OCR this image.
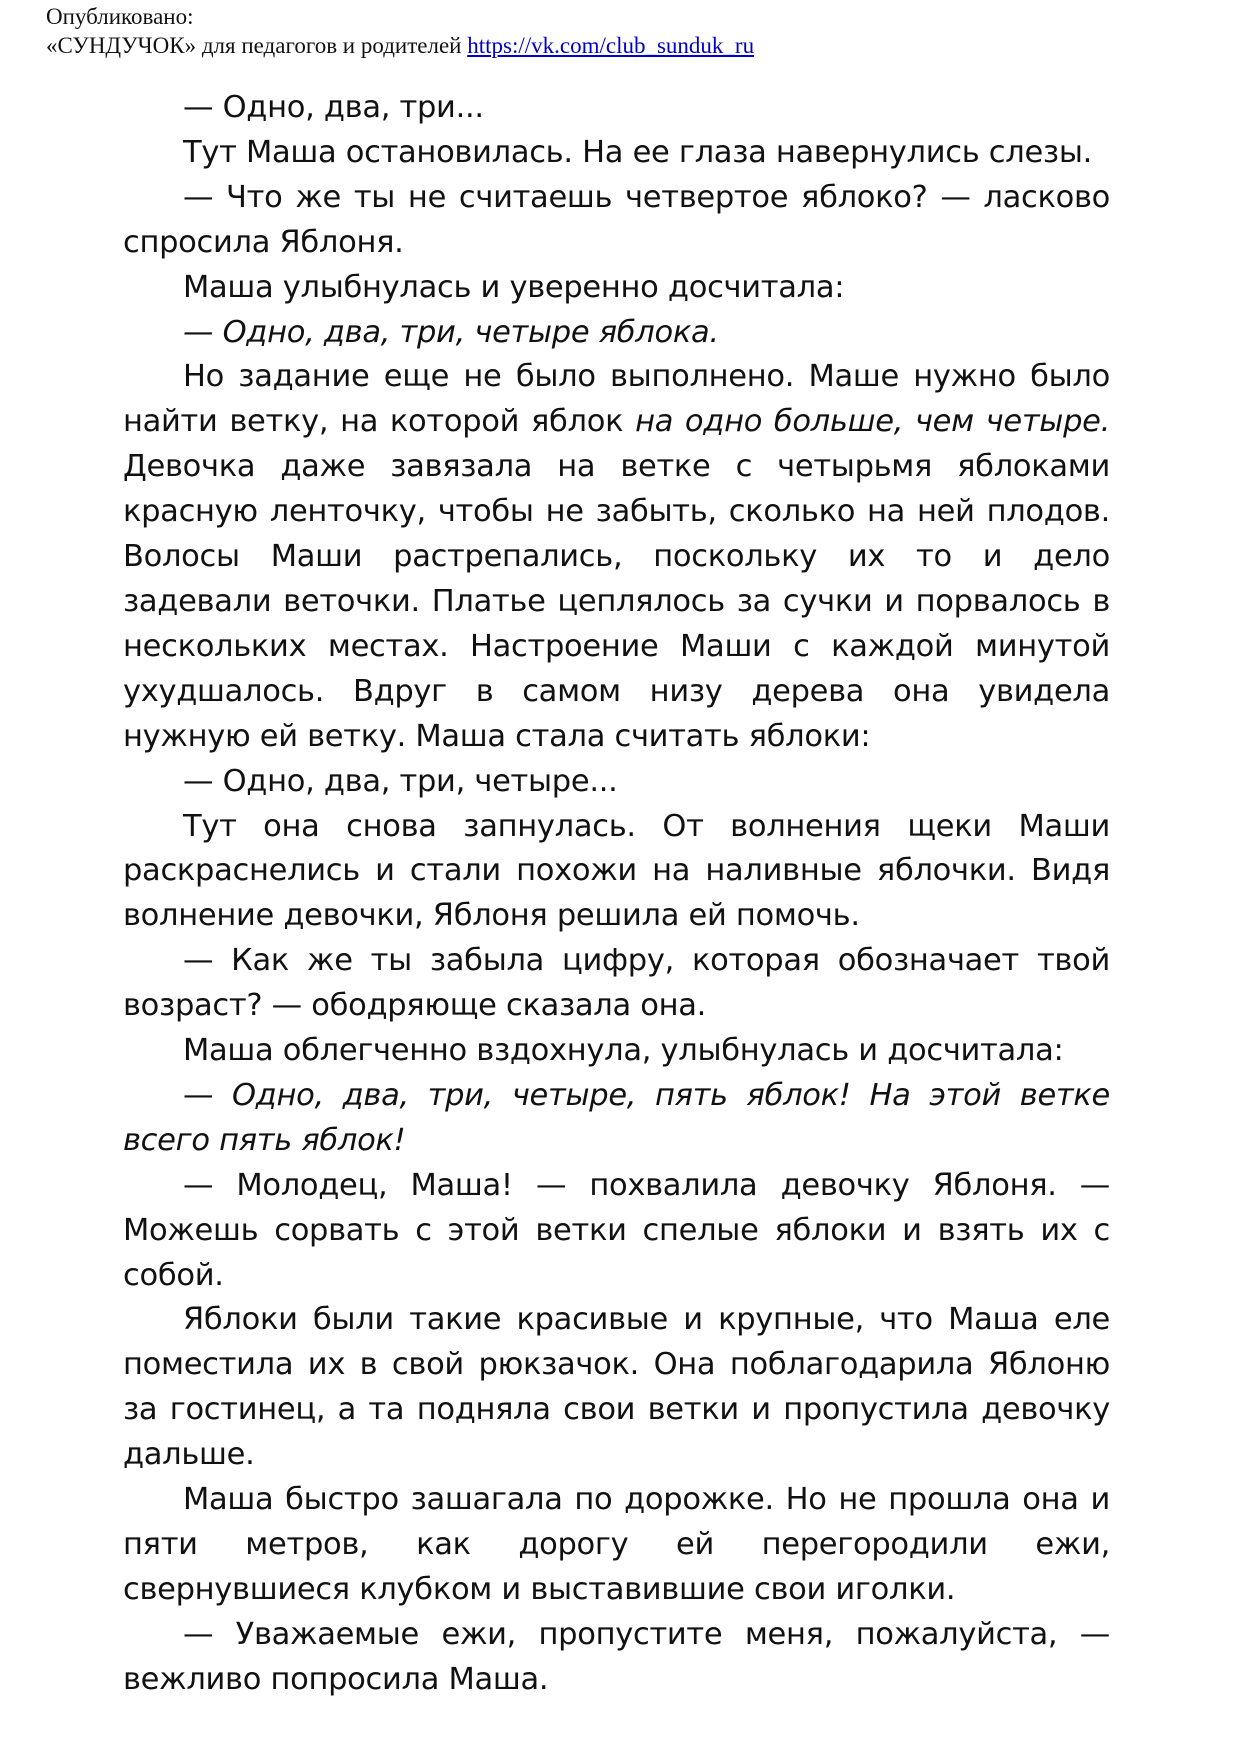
Опубликовано:
«СУНДУЧОК» для педагогов и родителей https://vk.com/club_sunduk_ru

— Одно, два, три...

Тут Маша остановилась. На ее глаза навернулись слезы.

— Что же ты не считаешь четвертое яблоко? — ласково спросила Яблоня.

Маша улыбнулась и уверенно досчитала:

— Одно, два, три, четыре яблока.

Но задание еще не было выполнено. Маше нужно было найти ветку, на которой яблок на одно больше, чем четыре. Девочка даже завязала на ветке с четырьмя яблоками красную ленточку, чтобы не забыть, сколько на ней плодов. Волосы Маши растрепались, поскольку их то и дело задевали веточки. Платье цеплялось за сучки и порвалось в нескольких местах. Настроение Маши с каждой минутой ухудшалось. Вдруг в самом низу дерева она увидела нужную ей ветку. Маша стала считать яблоки:

— Одно, два, три, четыре...

Тут она снова запнулась. От волнения щеки Маши раскраснелись и стали похожи на наливные яблочки. Видя волнение девочки, Яблоня решила ей помочь.

— Как же ты забыла цифру, которая обозначает твой возраст? — ободряюще сказала она.

Маша облегченно вздохнула, улыбнулась и досчитала:

— Одно, два, три, четыре, пять яблок! На этой ветке всего пять яблок!

— Молодец, Маша! — похвалила девочку Яблоня. — Можешь сорвать с этой ветки спелые яблоки и взять их с собой.

Яблоки были такие красивые и крупные, что Маша еле поместила их в свой рюкзачок. Она поблагодарила Яблоню за гостинец, а та подняла свои ветки и пропустила девочку дальше.

Маша быстро зашагала по дорожке. Но не прошла она и пяти метров, как дорогу ей перегородили ежи, свернувшиеся клубком и выставившие свои иголки.

— Уважаемые ежи, пропустите меня, пожалуйста, — вежливо попросила Маша.
